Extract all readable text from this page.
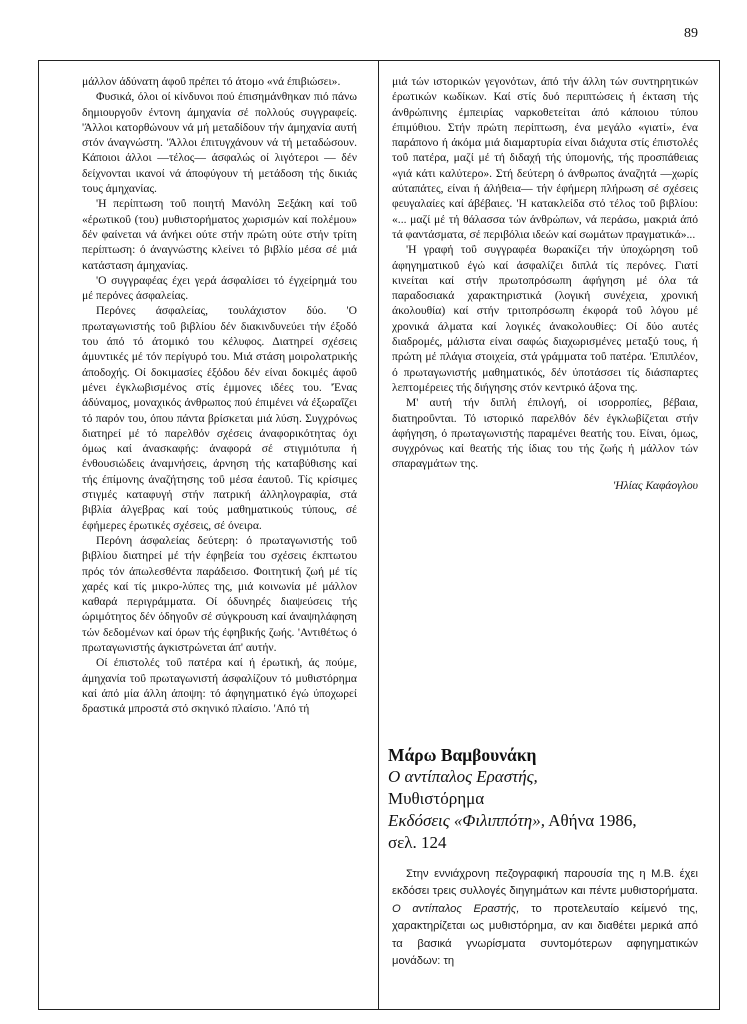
89

μάλλον άδύνατη άφοΰ πρέπει τό άτομο «νά έπιβιώσει».

Φυσικά, όλοι οί κίνδυνοι πού έπισημάνθηκαν πιό πάνω δημιουργοΰν έντονη άμηχανία σέ πολλούς συγγραφείς. 'Άλλοι κατορθώνουν νά μή μεταδίδουν τήν άμηχανία αυτή στόν άναγνώστη. 'Άλλοι έπιτυγχάνουν νά τή μεταδώσουν. Κάποιοι άλλοι —τέλος— άσφαλώς οί λιγότεροι — δέν δείχνονται ικανοί νά άποφύγουν τή μετάδοση τής δικιάς τους άμηχανίας.

'Η περίπτωση τοΰ ποιητή Μανόλη Ξεξάκη καί τοΰ «έρωτικοΰ (του) μυθιστορήματος χωρισμών καί πολέμου» δέν φαίνεται νά άνήκει ούτε στήν πρώτη ούτε στήν τρίτη περίπτωση: ό άναγνώστης κλείνει τό βιβλίο μέσα σέ μιά κατάσταση άμηχανίας.

'Ο συγγραφέας έχει γερά άσφαλίσει τό έγχείρημά του μέ περόνες άσφαλείας.

Περόνες άσφαλείας, τουλάχιστον δύο. 'Ο πρωταγωνιστής τοΰ βιβλίου δέν διακινδυνεύει τήν έξοδό του άπό τό άτομικό του κέλυφος. Διατηρεί σχέσεις άμυντικές μέ τόν περίγυρό του. Μιά στάση μοιρολατρικής άποδοχής. Οί δοκιμασίες έξόδου δέν είναι δοκιμές άφοΰ μένει έγκλωβισμένος στίς έμμονες ιδέες του. 'Ένας άδύναμος, μοναχικός άνθρωπος πού έπιμένει νά έξωραΐζει τό παρόν του, όπου πάντα βρίσκεται μιά λύση. Συγχρόνως διατηρεί μέ τό παρελθόν σχέσεις άναφορικότητας όχι όμως καί άνασκαφής: άναφορά σέ στιγμιότυπα ή ένθουσιώδεις άναμνήσεις, άρνηση τής καταβύθισης καί τής έπίμονης άναζήτησης τοΰ μέσα έαυτοΰ. Τίς κρίσιμες στιγμές καταφυγή στήν πατρική άλληλογραφία, στά βιβλία άλγεβρας καί τούς μαθηματικούς τύπους, σέ έφήμερες έρωτικές σχέσεις, σέ όνειρα.

Περόνη άσφαλείας δεύτερη: ό πρωταγωνιστής τοΰ βιβλίου διατηρεί μέ τήν έφηβεία του σχέσεις έκπτωτου πρός τόν άπωλεσθέντα παράδεισο. Φοιτητική ζωή μέ τίς χαρές καί τίς μικρο-λύπες της, μιά κοινωνία μέ μάλλον καθαρά περιγράμματα. Οί όδυνηρές διαψεύσεις τής ώριμότητος δέν όδηγοΰν σέ σύγκρουση καί άναψηλάφηση τών δεδομένων καί όρων τής έφηβικής ζωής. 'Αντιθέτως ό πρωταγωνιστής άγκιστρώνεται άπ' αυτήν.

Οί έπιστολές τοΰ πατέρα καί ή έρωτική, άς πούμε, άμηχανία τοΰ πρωταγωνιστή άσφαλίζουν τό μυθιστόρημα καί άπό μία άλλη άποψη: τό άφηγηματικό έγώ ύποχωρεί δραστικά μπροστά στό σκηνικό πλαίσιο. 'Από τή

μιά τών ιστορικών γεγονότων, άπό τήν άλλη τών συντηρητικών έρωτικών κωδίκων. Καί στίς δυό περιπτώσεις ή έκταση τής άνθρώπινης έμπειρίας ναρκοθετείται άπό κάποιου τύπου έπιμύθιου. Στήν πρώτη περίπτωση, ένα μεγάλο «γιατί», ένα παράπονο ή άκόμα μιά διαμαρτυρία είναι διάχυτα στίς έπιστολές τοΰ πατέρα, μαζί μέ τή διδαχή τής ύπομονής, τής προσπάθειας «γιά κάτι καλύτερο». Στή δεύτερη ό άνθρωπος άναζητά —χωρίς αύταπάτες, είναι ή άλήθεια— τήν έφήμερη πλήρωση σέ σχέσεις φευγαλαίες καί άβέβαιες. 'Η κατακλείδα στό τέλος τοΰ βιβλίου: «... μαζί μέ τή θάλασσα τών άνθρώπων, νά περάσω, μακριά άπό τά φαντάσματα, σέ περιβόλια ιδεών καί σωμάτων πραγματικά»...

'Η γραφή τοΰ συγγραφέα θωρακίζει τήν ύποχώρηση τοΰ άφηγηματικοΰ έγώ καί άσφαλίζει διπλά τίς περόνες. Γιατί κινείται καί στήν πρωτοπρόσωπη άφήγηση μέ όλα τά παραδοσιακά χαρακτηριστικά (λογική συνέχεια, χρονική άκολουθία) καί στήν τριτοπρόσωπη έκφορά τοΰ λόγου μέ χρονικά άλματα καί λογικές άνακολουθίες: Οί δύο αυτές διαδρομές, μάλιστα είναι σαφώς διαχωρισμένες μεταξύ τους, ή πρώτη μέ πλάγια στοιχεία, στά γράμματα τοΰ πατέρα. 'Επιπλέον, ό πρωταγωνιστής μαθηματικός, δέν ύποτάσσει τίς διάσπαρτες λεπτομέρειες τής διήγησης στόν κεντρικό άξονα της.

Μ' αυτή τήν διπλή έπιλογή, οί ισορροπίες, βέβαια, διατηροΰνται. Τό ιστορικό παρελθόν δέν έγκλωβίζεται στήν άφήγηση, ό πρωταγωνιστής παραμένει θεατής του. Είναι, όμως, συγχρόνως καί θεατής τής ίδιας του τής ζωής ή μάλλον τών σπαραγμάτων της.

'Ηλίας Καφάογλου

Μάρω Βαμβουνάκη
Ο αντίπαλος Εραστής,
Μυθιστόρημα
Εκδόσεις «Φιλιππότη», Αθήνα 1986,
σελ. 124

Στην εννιάχρονη πεζογραφική παρουσία της η Μ.Β. έχει εκδόσει τρεις συλλογές διηγημάτων και πέντε μυθιστορήματα. Ο αντίπαλος Εραστής, το προτελευταίο κείμενό της, χαρακτηρίζεται ως μυθιστόρημα, αν και διαθέτει μερικά από τα βασικά γνωρίσματα συντομότερων αφηγηματικών μονάδων: τη
